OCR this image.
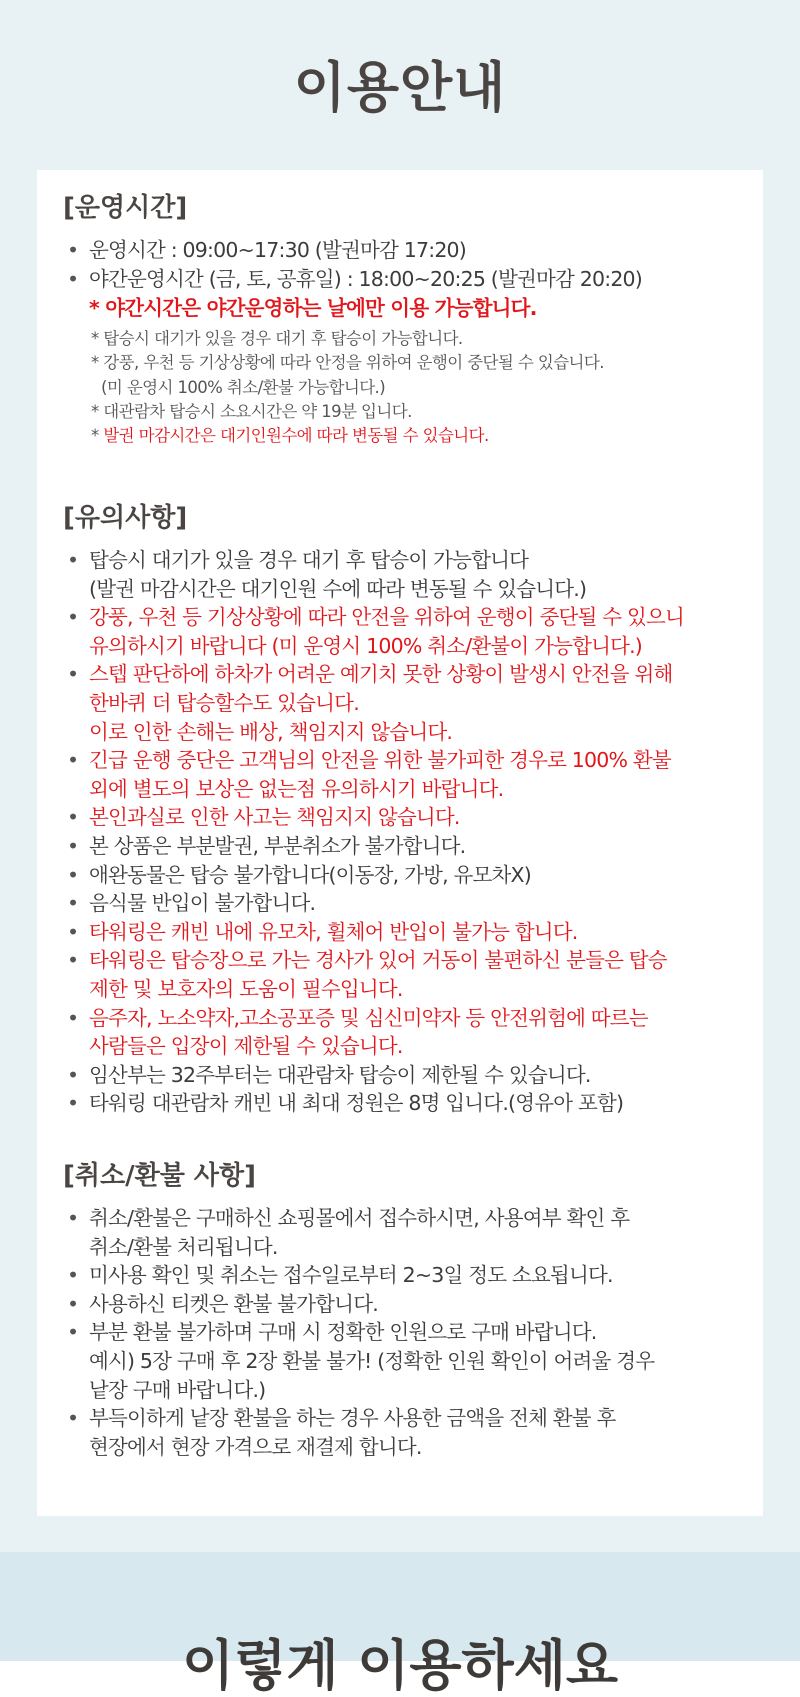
이용안내
[운영시간]
• 운영시간 : 09:00~17:30 (발권마감 17:20)
• 야간운영시간 (금, 토, 공휴일) : 18:00~20:25 (발권마감 20:20)
* 야간시간은 야간운영하는 날에만 이용 가능합니다.
* 탑승시 대기가 있을 경우 대기 후 탑승이 가능합니다.
* 강풍, 우천 등 기상상황에 따라 안정을 위하여 운행이 중단될 수 있습니다.
(미 운영시 100% 취소/환불 가능합니다.)
* 대관람차 탑승시 소요시간은 약 19분 입니다.
* 발권 마감시간은 대기인원수에 따라 변동될 수 있습니다.
[유의사항]
• 탑승시 대기가 있을 경우 대기 후 탑승이 가능합니다
(발권 마감시간은 대기인원 수에 따라 변동될 수 있습니다.)
• 강풍, 우천 등 기상상황에 따라 안전을 위하여 운행이 중단될 수 있으니
유의하시기 바랍니다 (미 운영시 100% 취소/환불이 가능합니다.)
• 스텝 판단하에 하차가 어려운 예기치 못한 상황이 발생시 안전을 위해
한바퀴 더 탑승할수도 있습니다.
이로 인한 손해는 배상, 책임지지 않습니다.
• 긴급 운행 중단은 고객님의 안전을 위한 불가피한 경우로 100% 환불
외에 별도의 보상은 없는점 유의하시기 바랍니다.
• 본인과실로 인한 사고는 책임지지 않습니다.
• 본 상품은 부분발권, 부분취소가 불가합니다.
• 애완동물은 탑승 불가합니다(이동장, 가방, 유모차X)
• 음식물 반입이 불가합니다.
• 타워링은 캐빈 내에 유모차, 휠체어 반입이 불가능 합니다.
• 타워링은 탑승장으로 가는 경사가 있어 거동이 불편하신 분들은 탑승
제한 및 보호자의 도움이 필수입니다.
• 음주자, 노소약자,고소공포증 및 심신미약자 등 안전위험에 따르는
사람들은 입장이 제한될 수 있습니다.
• 임산부는 32주부터는 대관람차 탑승이 제한될 수 있습니다.
• 타워링 대관람차 캐빈 내 최대 정원은 8명 입니다.(영유아 포함)
[취소/환불 사항]
• 취소/환불은 구매하신 쇼핑몰에서 접수하시면, 사용여부 확인 후
취소/환불 처리됩니다.
• 미사용 확인 및 취소는 접수일로부터 2~3일 정도 소요됩니다.
• 사용하신 티켓은 환불 불가합니다.
• 부분 환불 불가하며 구매 시 정확한 인원으로 구매 바랍니다.
예시) 5장 구매 후 2장 환불 불가! (정확한 인원 확인이 어려울 경우
낱장 구매 바랍니다.)
• 부득이하게 낱장 환불을 하는 경우 사용한 금액을 전체 환불 후
현장에서 현장 가격으로 재결제 합니다.
이렇게 이용하세요
